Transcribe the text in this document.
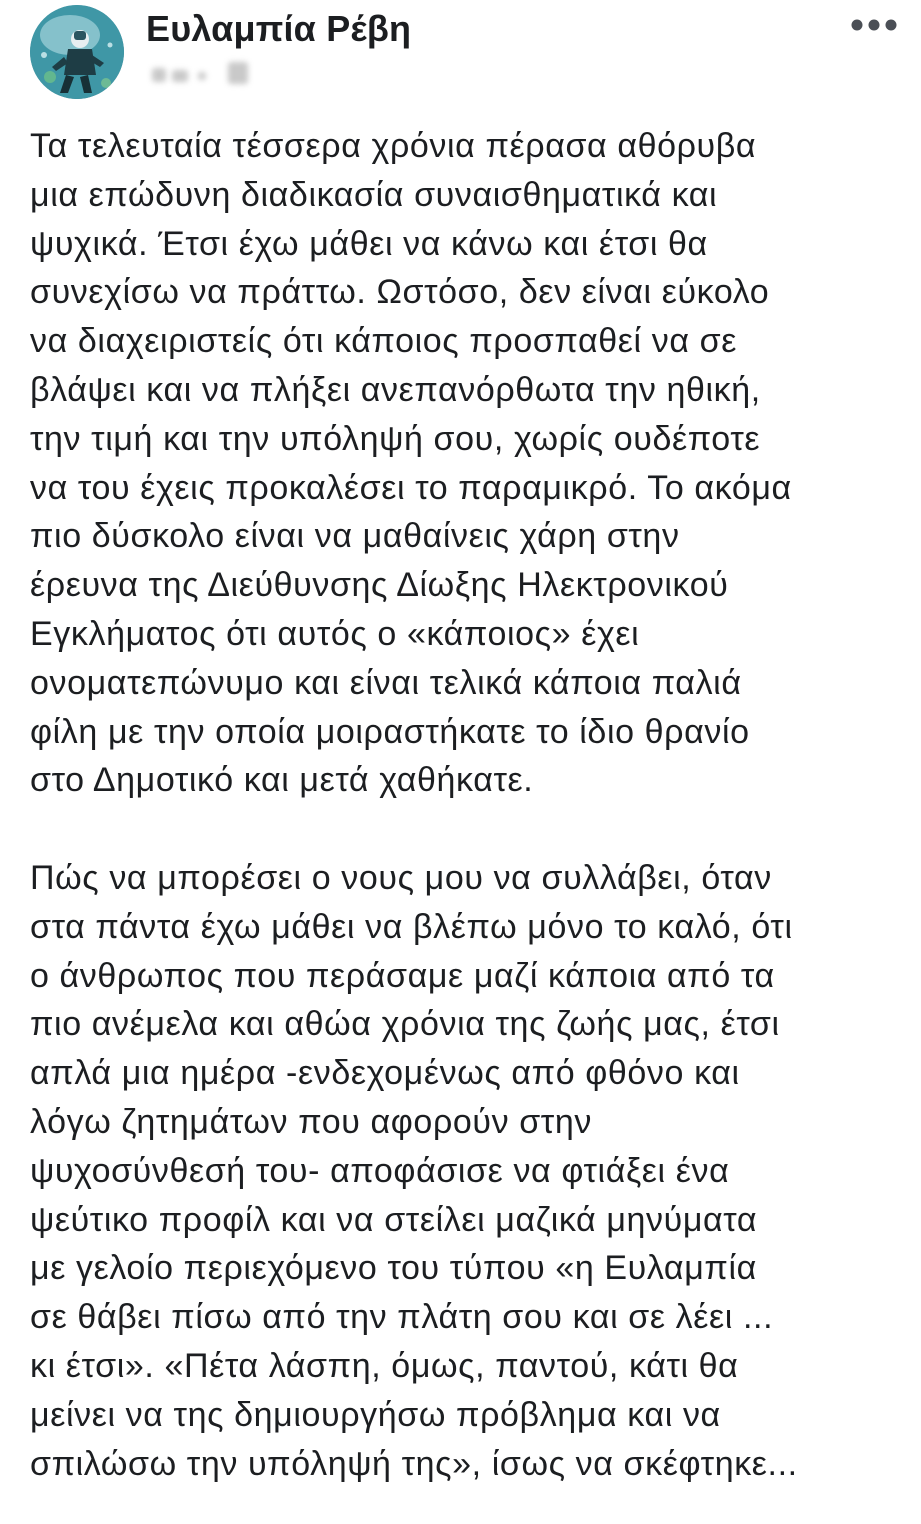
Ευλαμπία Ρέβη
Τα τελευταία τέσσερα χρόνια πέρασα αθόρυβα
μια επώδυνη διαδικασία συναισθηματικά και
ψυχικά. Έτσι έχω μάθει να κάνω και έτσι θα
συνεχίσω να πράττω. Ωστόσο, δεν είναι εύκολο
να διαχειριστείς ότι κάποιος προσπαθεί να σε
βλάψει και να πλήξει ανεπανόρθωτα την ηθική,
την τιμή και την υπόληψή σου, χωρίς ουδέποτε
να του έχεις προκαλέσει το παραμικρό. Το ακόμα
πιο δύσκολο είναι να μαθαίνεις χάρη στην
έρευνα της Διεύθυνσης Δίωξης Ηλεκτρονικού
Εγκλήματος ότι αυτός ο «κάποιος» έχει
ονοματεπώνυμο και είναι τελικά κάποια παλιά
φίλη με την οποία μοιραστήκατε το ίδιο θρανίο
στο Δημοτικό και μετά χαθήκατε.
Πώς να μπορέσει ο νους μου να συλλάβει, όταν
στα πάντα έχω μάθει να βλέπω μόνο το καλό, ότι
ο άνθρωπος που περάσαμε μαζί κάποια από τα
πιο ανέμελα και αθώα χρόνια της ζωής μας, έτσι
απλά μια ημέρα -ενδεχομένως από φθόνο και
λόγω ζητημάτων που αφορούν στην
ψυχοσύνθεσή του- αποφάσισε να φτιάξει ένα
ψεύτικο προφίλ και να στείλει μαζικά μηνύματα
με γελοίο περιεχόμενο του τύπου «η Ευλαμπία
σε θάβει πίσω από την πλάτη σου και σε λέει ...
κι έτσι». «Πέτα λάσπη, όμως, παντού, κάτι θα
μείνει να της δημιουργήσω πρόβλημα και να
σπιλώσω την υπόληψή της», ίσως να σκέφτηκε...
